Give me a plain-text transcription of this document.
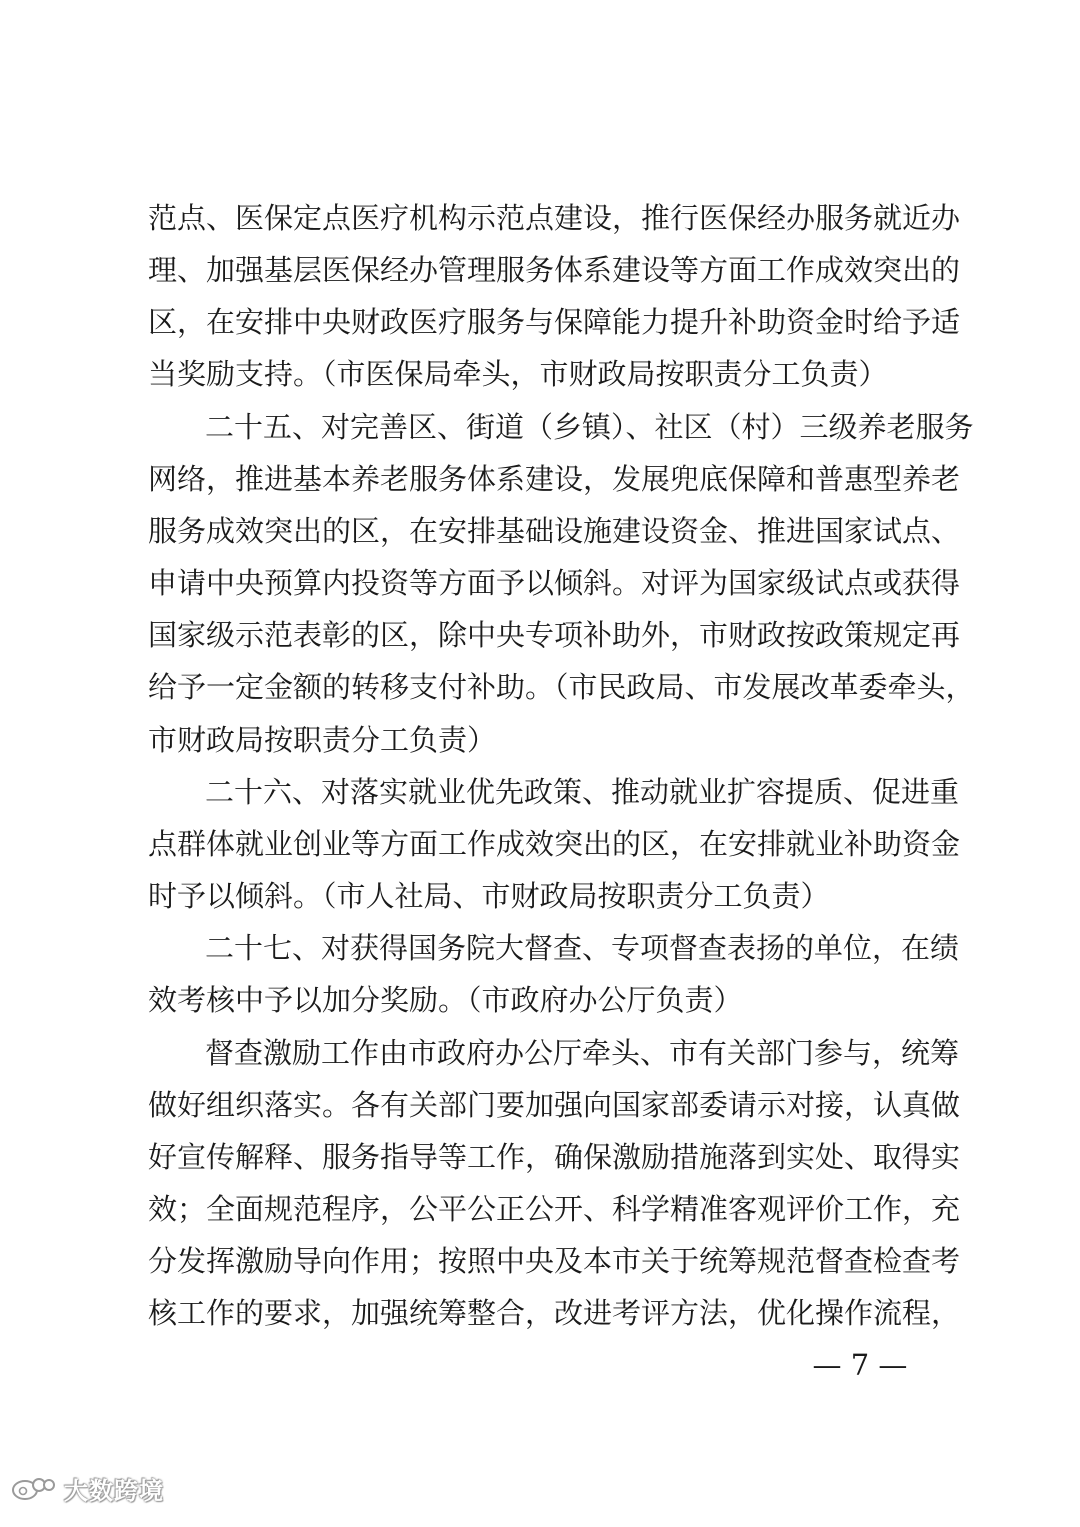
范点、医保定点医疗机构示范点建设，推行医保经办服务就近办
理、加强基层医保经办管理服务体系建设等方面工作成效突出的
区，在安排中央财政医疗服务与保障能力提升补助资金时给予适
当奖励支持。（市医保局牵头，市财政局按职责分工负责）
二十五、对完善区、街道（乡镇）、社区（村）三级养老服务
网络，推进基本养老服务体系建设，发展兜底保障和普惠型养老
服务成效突出的区，在安排基础设施建设资金、推进国家试点、
申请中央预算内投资等方面予以倾斜。对评为国家级试点或获得
国家级示范表彰的区，除中央专项补助外，市财政按政策规定再
给予一定金额的转移支付补助。（市民政局、市发展改革委牵头，
市财政局按职责分工负责）
二十六、对落实就业优先政策、推动就业扩容提质、促进重
点群体就业创业等方面工作成效突出的区，在安排就业补助资金
时予以倾斜。（市人社局、市财政局按职责分工负责）
二十七、对获得国务院大督查、专项督查表扬的单位，在绩
效考核中予以加分奖励。（市政府办公厅负责）
督查激励工作由市政府办公厅牵头、市有关部门参与，统筹
做好组织落实。各有关部门要加强向国家部委请示对接，认真做
好宣传解释、服务指导等工作，确保激励措施落到实处、取得实
效；全面规范程序，公平公正公开、科学精准客观评价工作，充
分发挥激励导向作用；按照中央及本市关于统筹规范督查检查考
核工作的要求，加强统筹整合，改进考评方法，优化操作流程，
— 7 —
大数跨境
